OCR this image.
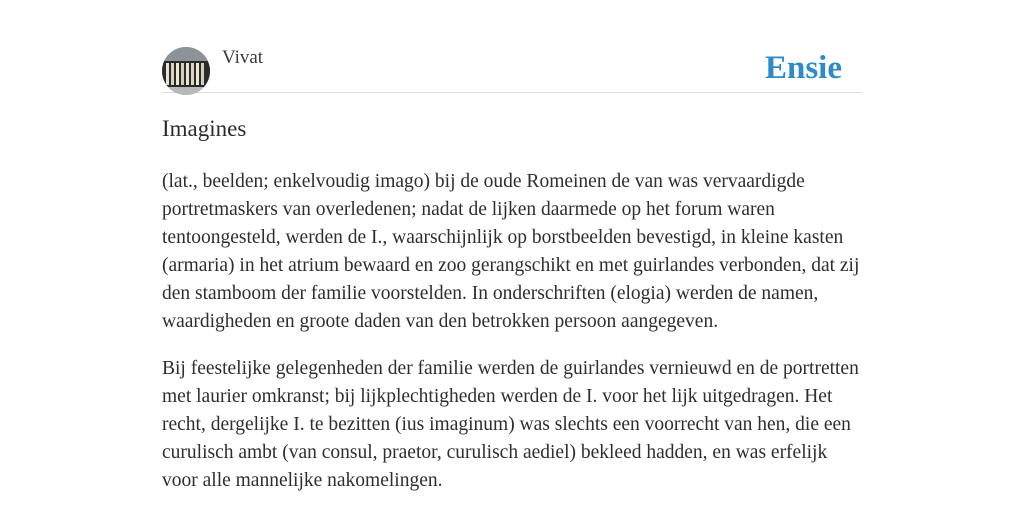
Vivat	Ensie
Imagines

(lat., beelden; enkelvoudig imago) bij de oude Romeinen de van was vervaardigde portretmaskers van overledenen; nadat de lijken daarmede op het forum waren tentoongesteld, werden de I., waarschijnlijk op borstbeelden bevestigd, in kleine kasten (armaria) in het atrium bewaard en zoo gerangschikt en met guirlandes verbonden, dat zij den stamboom der familie voorstelden. In onderschriften (elogia) werden de namen, waardigheden en groote daden van den betrokken persoon aangegeven.

Bij feestelijke gelegenheden der familie werden de guirlandes vernieuwd en de portretten met laurier omkranst; bij lijkplechtigheden werden de I. voor het lijk uitgedragen. Het recht, dergelijke I. te bezitten (ius imaginum) was slechts een voorrecht van hen, die een curulisch ambt (van consul, praetor, curulisch aediel) bekleed hadden, en was erfelijk voor alle mannelijke nakomelingen.
